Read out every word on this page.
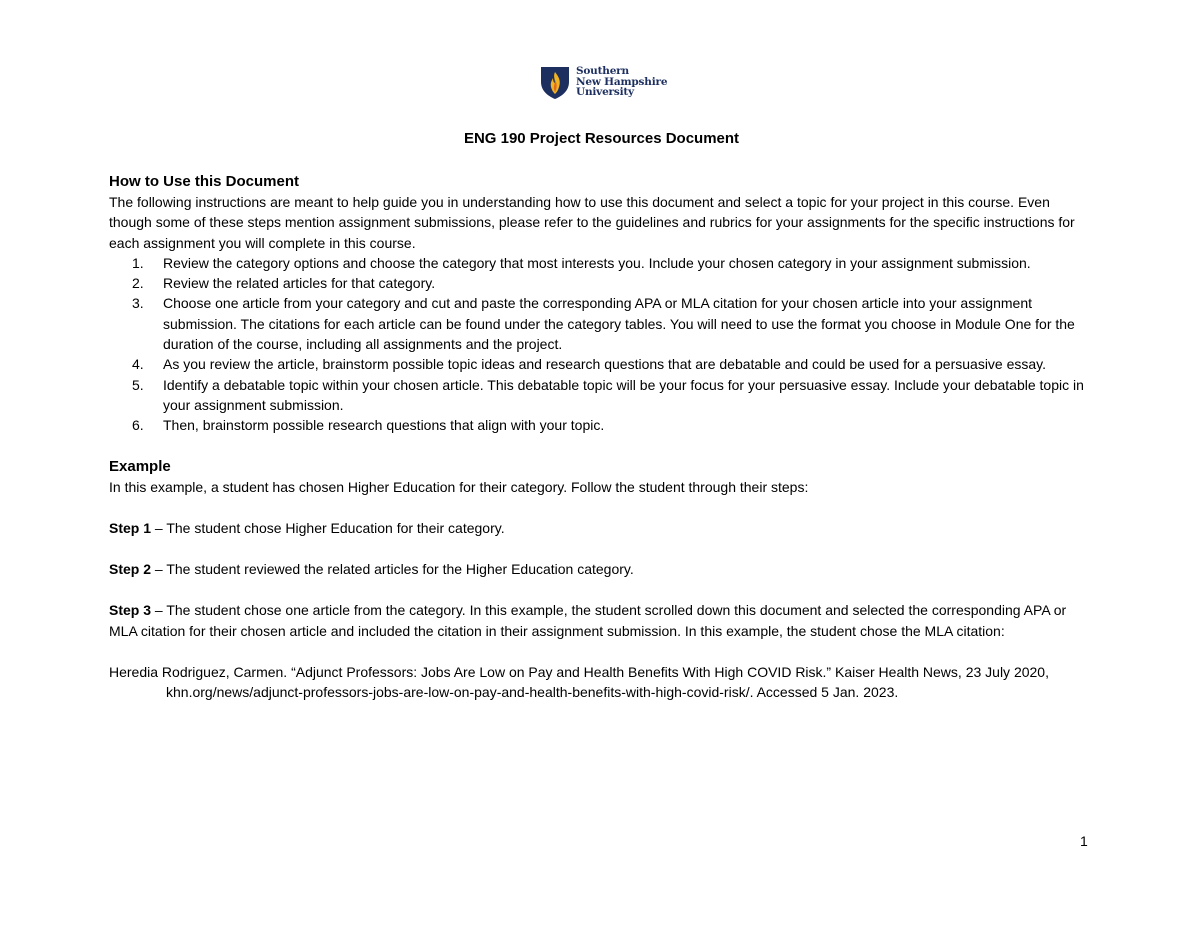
Southern
New Hampshire
University
ENG 190 Project Resources Document
How to Use this Document

The following instructions are meant to help guide you in understanding how to use this document and select a topic for your project in this course. Even though some of these steps mention assignment submissions, please refer to the guidelines and rubrics for your assignments for the specific instructions for each assignment you will complete in this course.

1.	Review the category options and choose the category that most interests you. Include your chosen category in your assignment submission.
2.	Review the related articles for that category.
3.	Choose one article from your category and cut and paste the corresponding APA or MLA citation for your chosen article into your assignment submission. The citations for each article can be found under the category tables. You will need to use the format you choose in Module One for the duration of the course, including all assignments and the project.
4.	As you review the article, brainstorm possible topic ideas and research questions that are debatable and could be used for a persuasive essay.
5.	Identify a debatable topic within your chosen article. This debatable topic will be your focus for your persuasive essay. Include your debatable topic in your assignment submission.
6.	Then, brainstorm possible research questions that align with your topic.
Example

In this example, a student has chosen Higher Education for their category. Follow the student through their steps:

Step 1 – The student chose Higher Education for their category.

Step 2 – The student reviewed the related articles for the Higher Education category.

Step 3 – The student chose one article from the category. In this example, the student scrolled down this document and selected the corresponding APA or MLA citation for their chosen article and included the citation in their assignment submission. In this example, the student chose the MLA citation:

Heredia Rodriguez, Carmen. “Adjunct Professors: Jobs Are Low on Pay and Health Benefits With High COVID Risk.” Kaiser Health News, 23 July 2020, khn.org/news/adjunct-professors-jobs-are-low-on-pay-and-health-benefits-with-high-covid-risk/. Accessed 5 Jan. 2023.

1
